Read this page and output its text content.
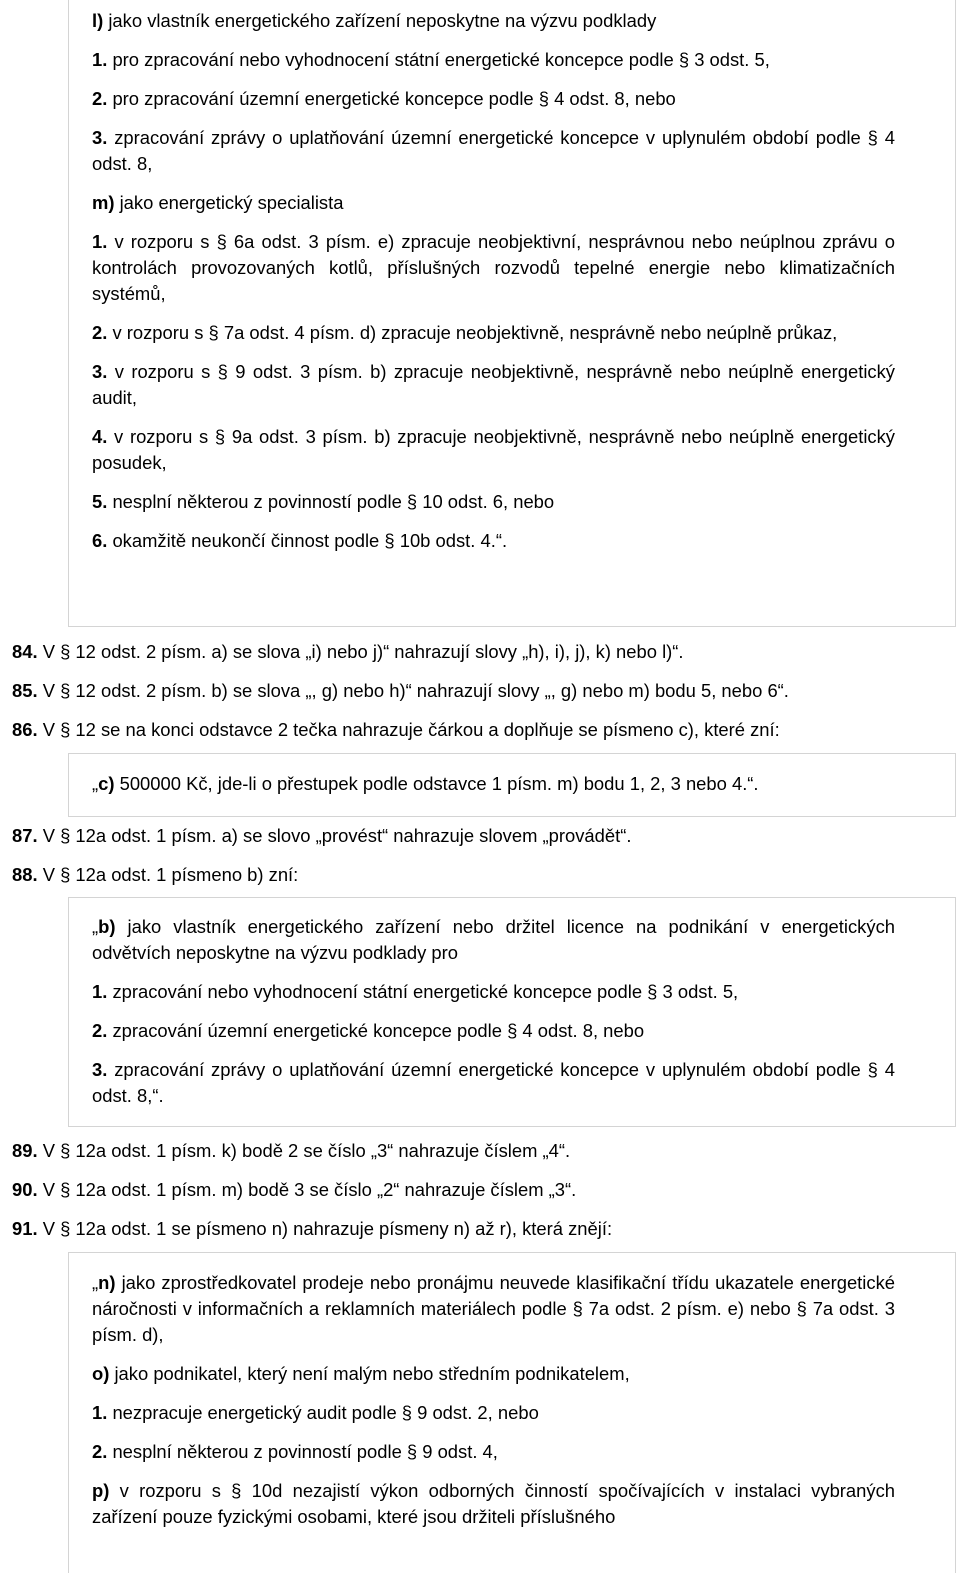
l) jako vlastník energetického zařízení neposkytne na výzvu podklady

1. pro zpracování nebo vyhodnocení státní energetické koncepce podle § 3 odst. 5,

2. pro zpracování územní energetické koncepce podle § 4 odst. 8, nebo

3. zpracování zprávy o uplatňování územní energetické koncepce v uplynulém období podle § 4 odst. 8,

m) jako energetický specialista

1. v rozporu s § 6a odst. 3 písm. e) zpracuje neobjektivní, nesprávnou nebo neúplnou zprávu o kontrolách provozovaných kotlů, příslušných rozvodů tepelné energie nebo klimatizačních systémů,

2. v rozporu s § 7a odst. 4 písm. d) zpracuje neobjektivně, nesprávně nebo neúplně průkaz,

3. v rozporu s § 9 odst. 3 písm. b) zpracuje neobjektivně, nesprávně nebo neúplně energetický audit,

4. v rozporu s § 9a odst. 3 písm. b) zpracuje neobjektivně, nesprávně nebo neúplně energetický posudek,

5. nesplní některou z povinností podle § 10 odst. 6, nebo

6. okamžitě neukončí činnost podle § 10b odst. 4.“.

84. V § 12 odst. 2 písm. a) se slova „i) nebo j)“ nahrazují slovy „h), i), j), k) nebo l)“.

85. V § 12 odst. 2 písm. b) se slova „, g) nebo h)“ nahrazují slovy „, g) nebo m) bodu 5, nebo 6“.

86. V § 12 se na konci odstavce 2 tečka nahrazuje čárkou a doplňuje se písmeno c), které zní:

„c) 500000 Kč, jde-li o přestupek podle odstavce 1 písm. m) bodu 1, 2, 3 nebo 4.“.

87. V § 12a odst. 1 písm. a) se slovo „provést“ nahrazuje slovem „provádět“.

88. V § 12a odst. 1 písmeno b) zní:

„b) jako vlastník energetického zařízení nebo držitel licence na podnikání v energetických odvětvích neposkytne na výzvu podklady pro

1. zpracování nebo vyhodnocení státní energetické koncepce podle § 3 odst. 5,

2. zpracování územní energetické koncepce podle § 4 odst. 8, nebo

3. zpracování zprávy o uplatňování územní energetické koncepce v uplynulém období podle § 4 odst. 8,“.

89. V § 12a odst. 1 písm. k) bodě 2 se číslo „3“ nahrazuje číslem „4“.

90. V § 12a odst. 1 písm. m) bodě 3 se číslo „2“ nahrazuje číslem „3“.

91. V § 12a odst. 1 se písmeno n) nahrazuje písmeny n) až r), která znějí:

„n) jako zprostředkovatel prodeje nebo pronájmu neuvede klasifikační třídu ukazatele energetické náročnosti v informačních a reklamních materiálech podle § 7a odst. 2 písm. e) nebo § 7a odst. 3 písm. d),

o) jako podnikatel, který není malým nebo středním podnikatelem,

1. nezpracuje energetický audit podle § 9 odst. 2, nebo

2. nesplní některou z povinností podle § 9 odst. 4,

p) v rozporu s § 10d nezajistí výkon odborných činností spočívajících v instalaci vybraných zařízení pouze fyzickými osobami, které jsou držiteli příslušného
